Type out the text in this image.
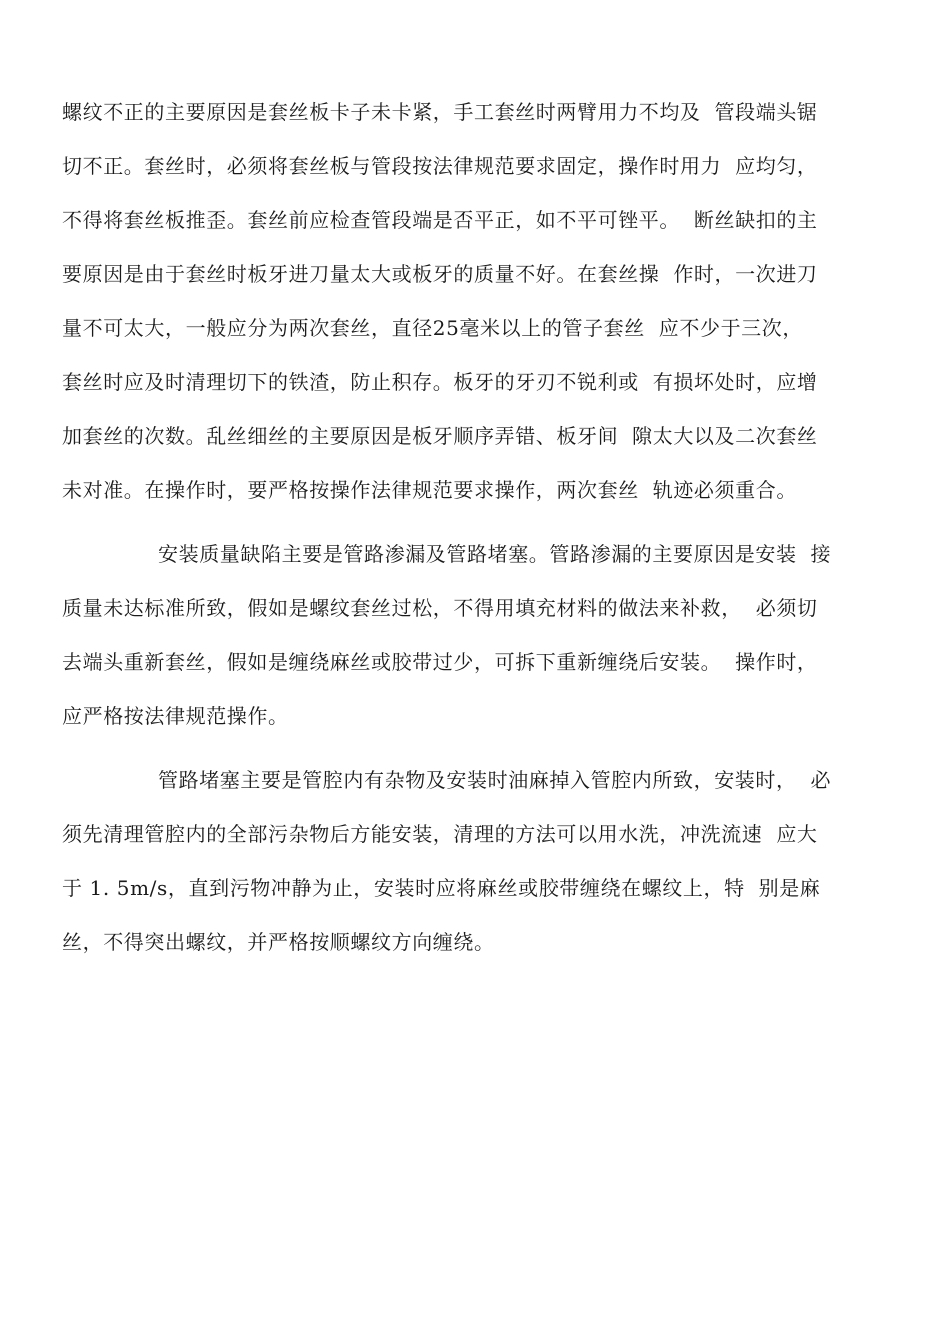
螺纹不正的主要原因是套丝板卡子未卡紧，手工套丝时两臂用力不均及  管段端头锯
切不正。套丝时，必须将套丝板与管段按法律规范要求固定，操作时用力  应均匀，
不得将套丝板推歪。套丝前应检查管段端是否平正，如不平可锉平。  断丝缺扣的主
要原因是由于套丝时板牙进刀量太大或板牙的质量不好。在套丝操  作时，一次进刀
量不可太大，一般应分为两次套丝，直径25毫米以上的管子套丝  应不少于三次，
套丝时应及时清理切下的铁渣，防止积存。板牙的牙刃不锐利或  有损坏处时，应增
加套丝的次数。乱丝细丝的主要原因是板牙顺序弄错、板牙间  隙太大以及二次套丝
未对准。在操作时，要严格按操作法律规范要求操作，两次套丝  轨迹必须重合。
安装质量缺陷主要是管路渗漏及管路堵塞。管路渗漏的主要原因是安装  接
质量未达标准所致，假如是螺纹套丝过松，不得用填充材料的做法来补救，  必须切
去端头重新套丝，假如是缠绕麻丝或胶带过少，可拆下重新缠绕后安装。  操作时，
应严格按法律规范操作。
管路堵塞主要是管腔内有杂物及安装时油麻掉入管腔内所致，安装时，  必
须先清理管腔内的全部污杂物后方能安装，清理的方法可以用水洗，冲洗流速  应大
于 1. 5m/s，直到污物冲静为止，安装时应将麻丝或胶带缠绕在螺纹上，特  别是麻
丝，不得突出螺纹，并严格按顺螺纹方向缠绕。
